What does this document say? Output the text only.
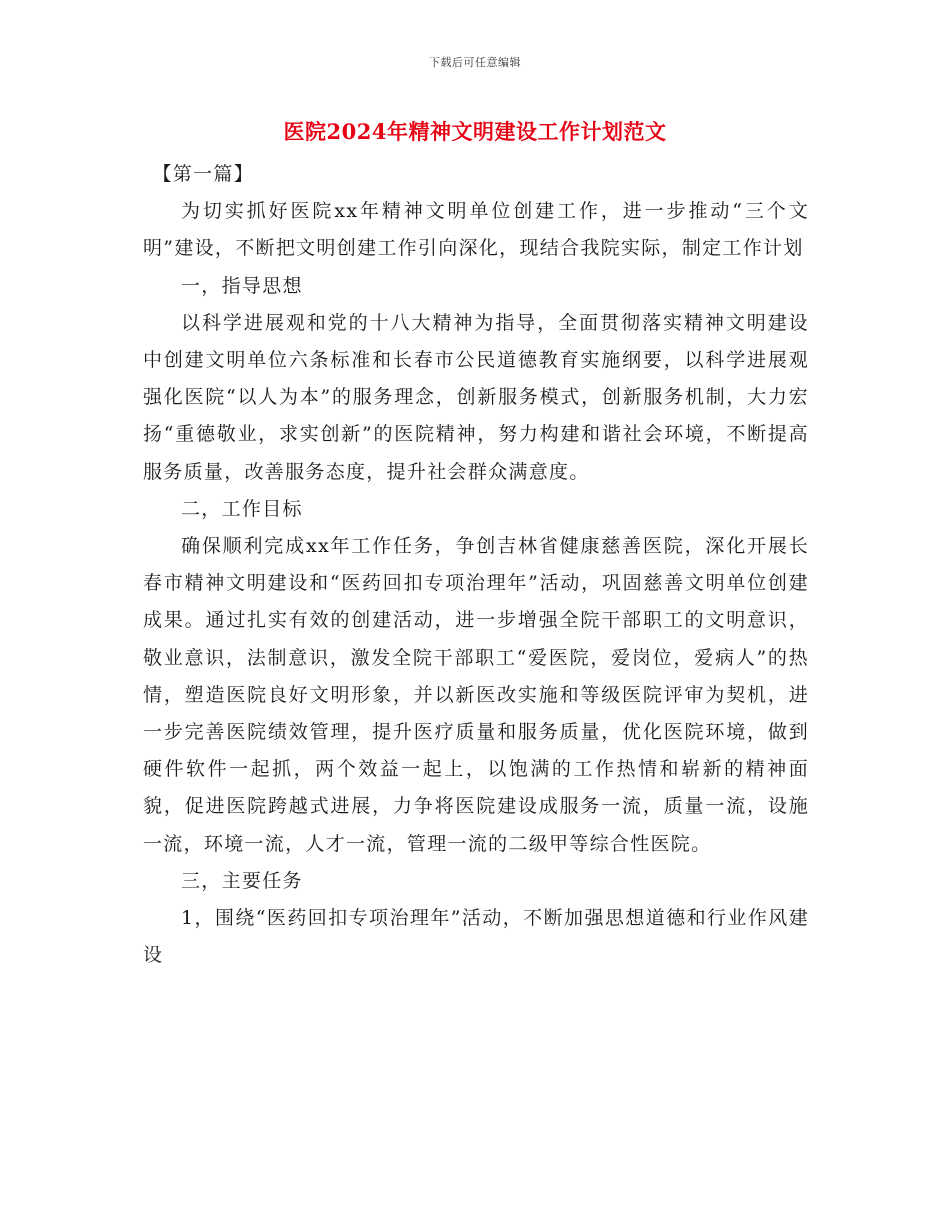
下载后可任意编辑
医院2024年精神文明建设工作计划范文

【第一篇】

为切实抓好医院xx年精神文明单位创建工作，进一步推动“三个文明”建设，不断把文明创建工作引向深化，现结合我院实际，制定工作计划

一，指导思想

以科学进展观和党的十八大精神为指导，全面贯彻落实精神文明建设中创建文明单位六条标准和长春市公民道德教育实施纲要，以科学进展观强化医院“以人为本”的服务理念，创新服务模式，创新服务机制，大力宏扬“重德敬业，求实创新”的医院精神，努力构建和谐社会环境，不断提高服务质量，改善服务态度，提升社会群众满意度。

二，工作目标

确保顺利完成xx年工作任务，争创吉林省健康慈善医院，深化开展长春市精神文明建设和“医药回扣专项治理年”活动，巩固慈善文明单位创建成果。通过扎实有效的创建活动，进一步增强全院干部职工的文明意识，敬业意识，法制意识，激发全院干部职工“爱医院，爱岗位，爱病人”的热情，塑造医院良好文明形象，并以新医改实施和等级医院评审为契机，进一步完善医院绩效管理，提升医疗质量和服务质量，优化医院环境，做到硬件软件一起抓，两个效益一起上，以饱满的工作热情和崭新的精神面貌，促进医院跨越式进展，力争将医院建设成服务一流，质量一流，设施一流，环境一流，人才一流，管理一流的二级甲等综合性医院。

三，主要任务

1，围绕“医药回扣专项治理年”活动，不断加强思想道德和行业作风建设
